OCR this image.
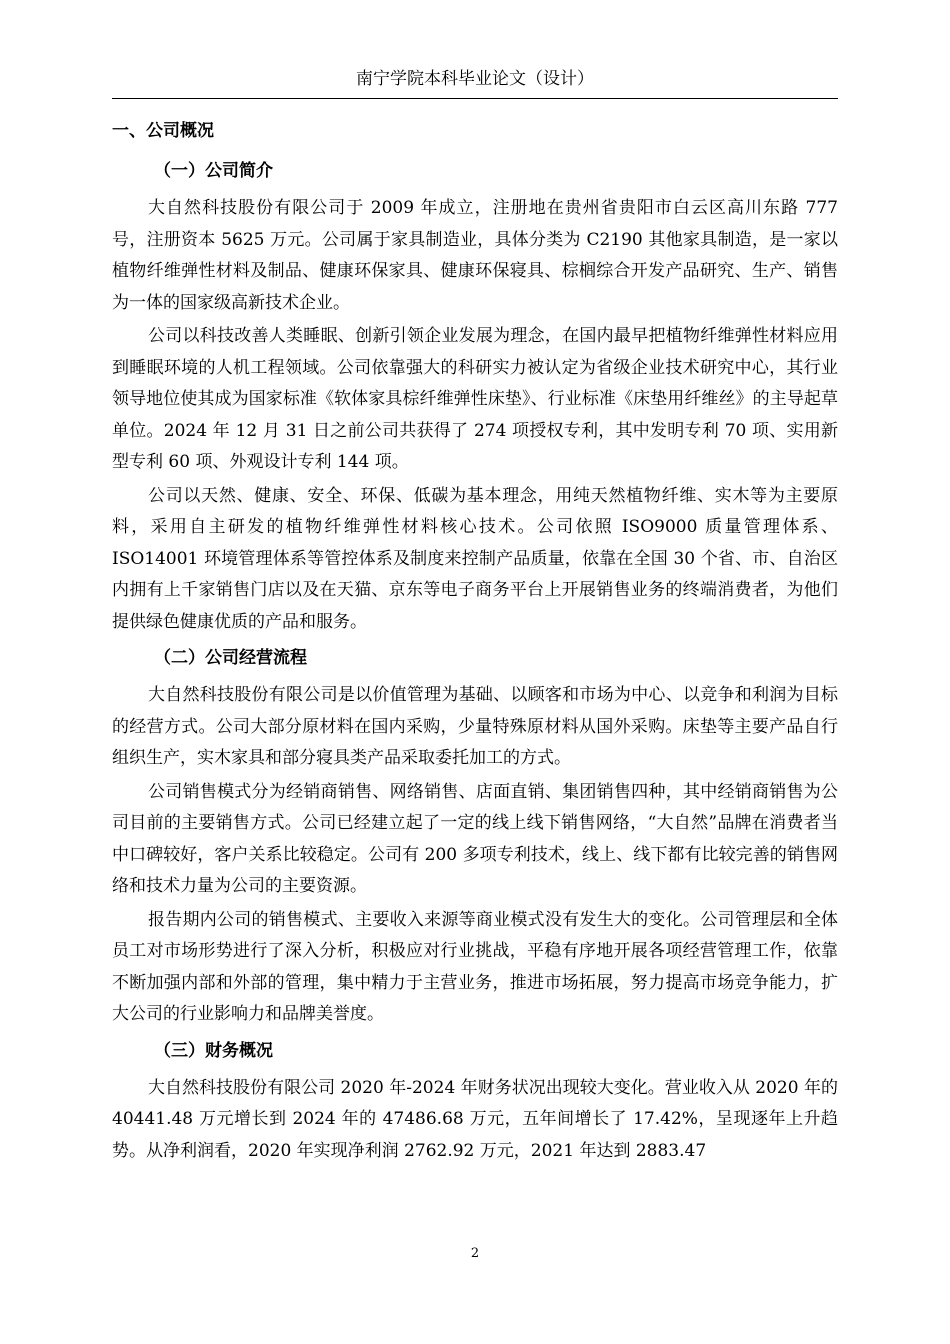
南宁学院本科毕业论文（设计）
一、公司概况
（一）公司简介

大自然科技股份有限公司于 2009 年成立，注册地在贵州省贵阳市白云区高川东路 777 号，注册资本 5625 万元。公司属于家具制造业，具体分类为 C2190 其他家具制造，是一家以植物纤维弹性材料及制品、健康环保家具、健康环保寝具、棕榈综合开发产品研究、生产、销售为一体的国家级高新技术企业。

公司以科技改善人类睡眠、创新引领企业发展为理念，在国内最早把植物纤维弹性材料应用到睡眠环境的人机工程领域。公司依靠强大的科研实力被认定为省级企业技术研究中心，其行业领导地位使其成为国家标准《软体家具棕纤维弹性床垫》、行业标准《床垫用纤维丝》的主导起草单位。2024 年 12 月 31 日之前公司共获得了 274 项授权专利，其中发明专利 70 项、实用新型专利 60 项、外观设计专利 144 项。

公司以天然、健康、安全、环保、低碳为基本理念，用纯天然植物纤维、实木等为主要原料，采用自主研发的植物纤维弹性材料核心技术。公司依照 ISO9000 质量管理体系、ISO14001 环境管理体系等管控体系及制度来控制产品质量，依靠在全国 30 个省、市、自治区内拥有上千家销售门店以及在天猫、京东等电子商务平台上开展销售业务的终端消费者，为他们提供绿色健康优质的产品和服务。

（二）公司经营流程

大自然科技股份有限公司是以价值管理为基础、以顾客和市场为中心、以竞争和利润为目标的经营方式。公司大部分原材料在国内采购，少量特殊原材料从国外采购。床垫等主要产品自行组织生产，实木家具和部分寝具类产品采取委托加工的方式。

公司销售模式分为经销商销售、网络销售、店面直销、集团销售四种，其中经销商销售为公司目前的主要销售方式。公司已经建立起了一定的线上线下销售网络，“大自然”品牌在消费者当中口碑较好，客户关系比较稳定。公司有 200 多项专利技术，线上、线下都有比较完善的销售网络和技术力量为公司的主要资源。

报告期内公司的销售模式、主要收入来源等商业模式没有发生大的变化。公司管理层和全体员工对市场形势进行了深入分析，积极应对行业挑战，平稳有序地开展各项经营管理工作，依靠不断加强内部和外部的管理，集中精力于主营业务，推进市场拓展，努力提高市场竞争能力，扩大公司的行业影响力和品牌美誉度。

（三）财务概况

大自然科技股份有限公司 2020 年-2024 年财务状况出现较大变化。营业收入从 2020 年的 40441.48 万元增长到 2024 年的 47486.68 万元，五年间增长了 17.42%，呈现逐年上升趋势。从净利润看，2020 年实现净利润 2762.92 万元，2021 年达到 2883.47

2
